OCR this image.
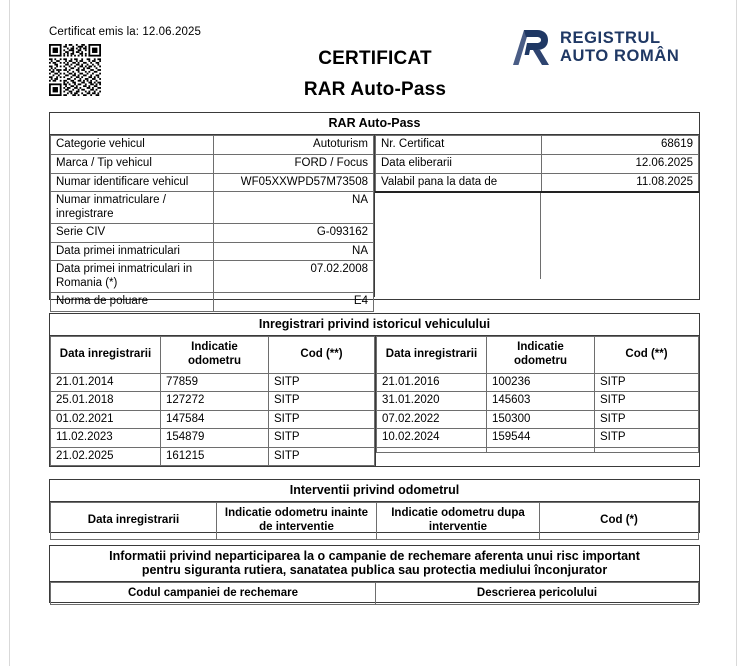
Certificat emis la: 12.06.2025
CERTIFICAT
RAR Auto-Pass
REGISTRUL
AUTO ROMÂN
RAR Auto-Pass
Categorie vehicul	Autoturism
Marca / Tip vehicul	FORD / Focus
Numar identificare vehicul	WF05XXWPD57M73508
Numar inmatriculare / inregistrare	NA
Serie CIV	G-093162
Data primei inmatriculari	NA
Data primei inmatriculari in Romania (*)	07.02.2008
Norma de poluare	E4
Nr. Certificat	68619
Data eliberarii	12.06.2025
Valabil pana la data de	11.08.2025
Inregistrari privind istoricul vehiculului
Data inregistrarii	Indicatie odometru	Cod (**)
21.01.2014	77859	SITP
25.01.2018	127272	SITP
01.02.2021	147584	SITP
11.02.2023	154879	SITP
21.02.2025	161215	SITP
Data inregistrarii	Indicatie odometru	Cod (**)
21.01.2016	100236	SITP
31.01.2020	145603	SITP
07.02.2022	150300	SITP
10.02.2024	159544	SITP

Interventii privind odometrul
Data inregistrarii	Indicatie odometru inainte de interventie	Indicatie odometru dupa interventie	Cod (*)
Informatii privind neparticiparea la o campanie de rechemare aferenta unui risc important
pentru siguranta rutiera, sanatatea publica sau protectia mediului înconjurator
Codul campaniei de rechemare	Descrierea pericolului
